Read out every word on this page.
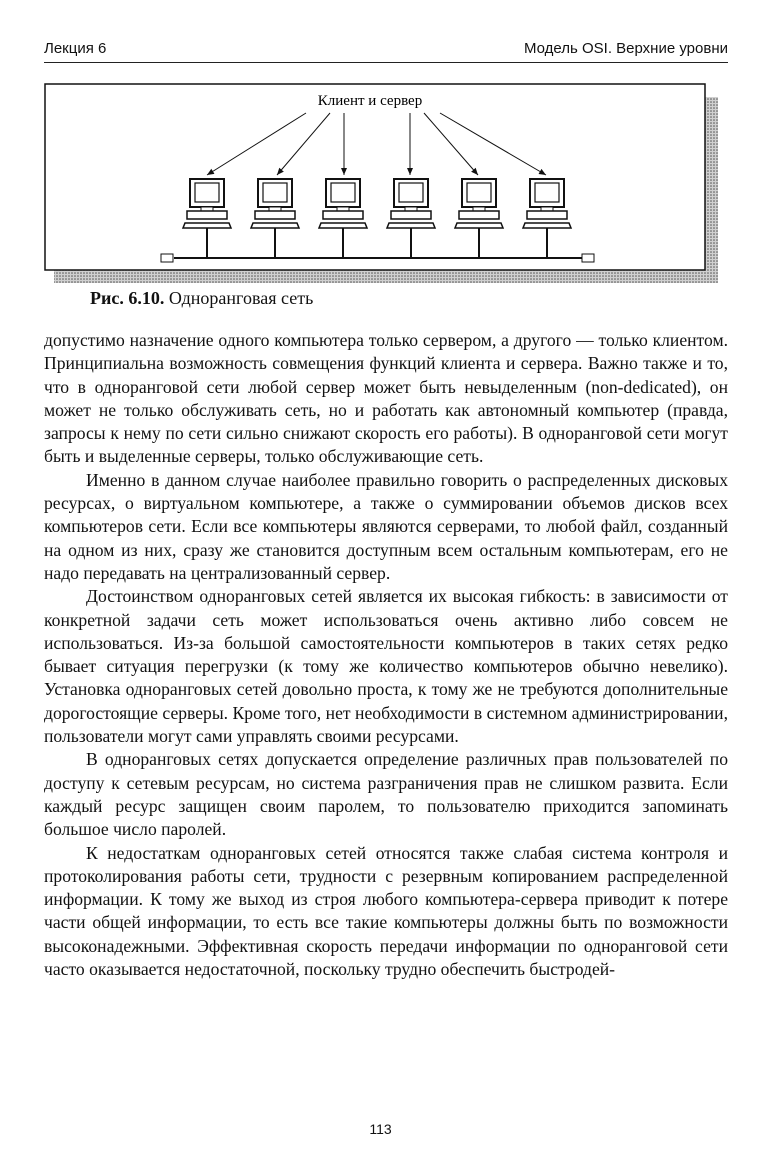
Лекция 6	Модель OSI. Верхние уровни
Клиент и сервер
Рис. 6.10. Одноранговая сеть

допустимо назначение одного компьютера только сервером, а другого — только клиентом. Принципиальна возможность совмещения функций клиента и сервера. Важно также и то, что в одноранговой сети любой сервер может быть невыделенным (non-dedicated), он может не только обслуживать сеть, но и работать как автономный компьютер (правда, запросы к нему по сети сильно снижают скорость его работы). В одноранговой сети могут быть и выделенные серверы, только обслуживающие сеть.

Именно в данном случае наиболее правильно говорить о распределенных дисковых ресурсах, о виртуальном компьютере, а также о суммировании объемов дисков всех компьютеров сети. Если все компьютеры являются серверами, то любой файл, созданный на одном из них, сразу же становится доступным всем остальным компьютерам, его не надо передавать на централизованный сервер.

Достоинством одноранговых сетей является их высокая гибкость: в зависимости от конкретной задачи сеть может использоваться очень активно либо совсем не использоваться. Из-за большой самостоятельности компьютеров в таких сетях редко бывает ситуация перегрузки (к тому же количество компьютеров обычно невелико). Установка одноранговых сетей довольно проста, к тому же не требуются дополнительные дорогостоящие серверы. Кроме того, нет необходимости в системном администрировании, пользователи могут сами управлять своими ресурсами.

В одноранговых сетях допускается определение различных прав пользователей по доступу к сетевым ресурсам, но система разграничения прав не слишком развита. Если каждый ресурс защищен своим паролем, то пользователю приходится запоминать большое число паролей.

К недостаткам одноранговых сетей относятся также слабая система контроля и протоколирования работы сети, трудности с резервным копированием распределенной информации. К тому же выход из строя любого компьютера-сервера приводит к потере части общей информации, то есть все такие компьютеры должны быть по возможности высоконадежными. Эффективная скорость передачи информации по одноранговой сети часто оказывается недостаточной, поскольку трудно обеспечить быстродей-

113
